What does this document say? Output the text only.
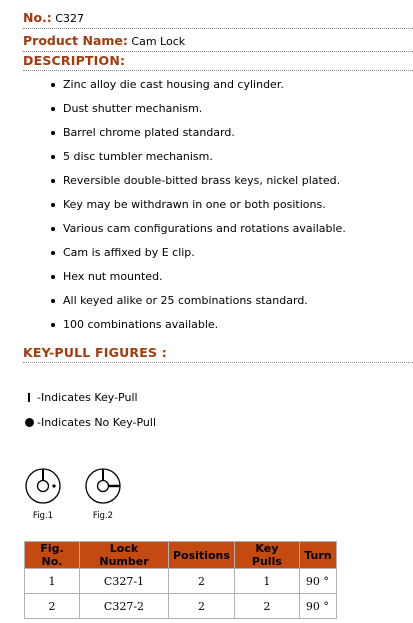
No.: C327
Product Name: Cam Lock
DESCRIPTION:
Zinc alloy die cast housing and cylinder.
Dust shutter mechanism.
Barrel chrome plated standard.
5 disc tumbler mechanism.
Reversible double-bitted brass keys, nickel plated.
Key may be withdrawn in one or both positions.
Various cam configurations and rotations available.
Cam is affixed by E clip.
Hex nut mounted.
All keyed alike or 25 combinations standard.
100 combinations available.
KEY-PULL FIGURES :
-Indicates Key-Pull
-Indicates No Key-Pull
Fig.1	Fig.2
Fig. No.	Lock Number	Positions	Key Pulls	Turn
1	C327-1	2	1	90 °
2	C327-2	2	2	90 °
